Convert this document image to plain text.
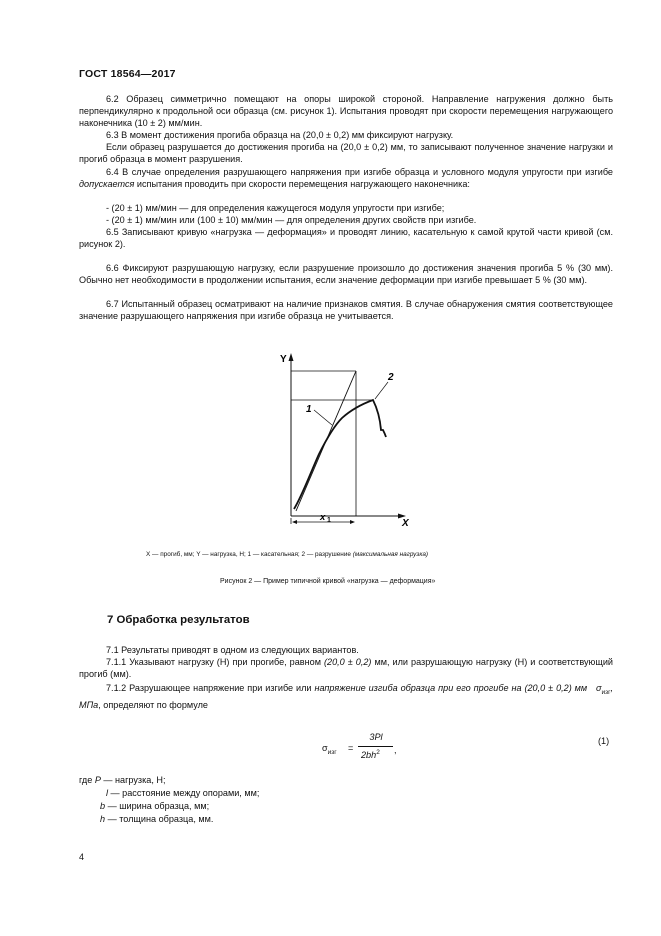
ГОСТ 18564—2017
6.2 Образец симметрично помещают на опоры широкой стороной. Направление нагружения должно быть перпендикулярно к продольной оси образца (см. рисунок 1). Испытания проводят при скорости перемещения нагружающего наконечника (10 ± 2) мм/мин.
6.3 В момент достижения прогиба образца на (20,0 ± 0,2) мм фиксируют нагрузку.
Если образец разрушается до достижения прогиба на (20,0 ± 0,2) мм, то записывают полученное значение нагрузки и прогиб образца в момент разрушения.
6.4 В случае определения разрушающего напряжения при изгибе образца и условного модуля упругости при изгибе допускается испытания проводить при скорости перемещения нагружающего наконечника:
- (20 ± 1) мм/мин — для определения кажущегося модуля упругости при изгибе;
- (20 ± 1) мм/мин или (100 ± 10) мм/мин — для определения других свойств при изгибе.
6.5 Записывают кривую «нагрузка — деформация» и проводят линию, касательную к самой крутой части кривой (см. рисунок 2).
6.6 Фиксируют разрушающую нагрузку, если разрушение произошло до достижения значения прогиба 5 % (30 мм). Обычно нет необходимости в продолжении испытания, если значение деформации при изгибе превышает 5 % (30 мм).
6.7 Испытанный образец осматривают на наличие признаков смятия. В случае обнаружения смятия соответствующее значение разрушающего напряжения при изгибе образца не учитывается.
Y
X
1
2
x 1
X — прогиб, мм; Y — нагрузка, Н; 1 — касательная; 2 — разрушение (максимальная нагрузка)
Рисунок 2 — Пример типичной кривой «нагрузка — деформация»
7 Обработка результатов
7.1 Результаты приводят в одном из следующих вариантов.
7.1.1 Указывают нагрузку (Н) при прогибе, равном (20,0 ± 0,2) мм, или разрушающую нагрузку (Н) и соответствующий прогиб (мм).
7.1.2 Разрушающее напряжение при изгибе или напряжение изгиба образца при его прогибе на (20,0 ± 0,2) мм $\sigma_{изг}$, МПа, определяют по формуле
$\sigma_{изг}$ =
3Pl
$2bh^2$ ,
(1)
где P — нагрузка, Н;
l — расстояние между опорами, мм;
b — ширина образца, мм;
h — толщина образца, мм.
4
